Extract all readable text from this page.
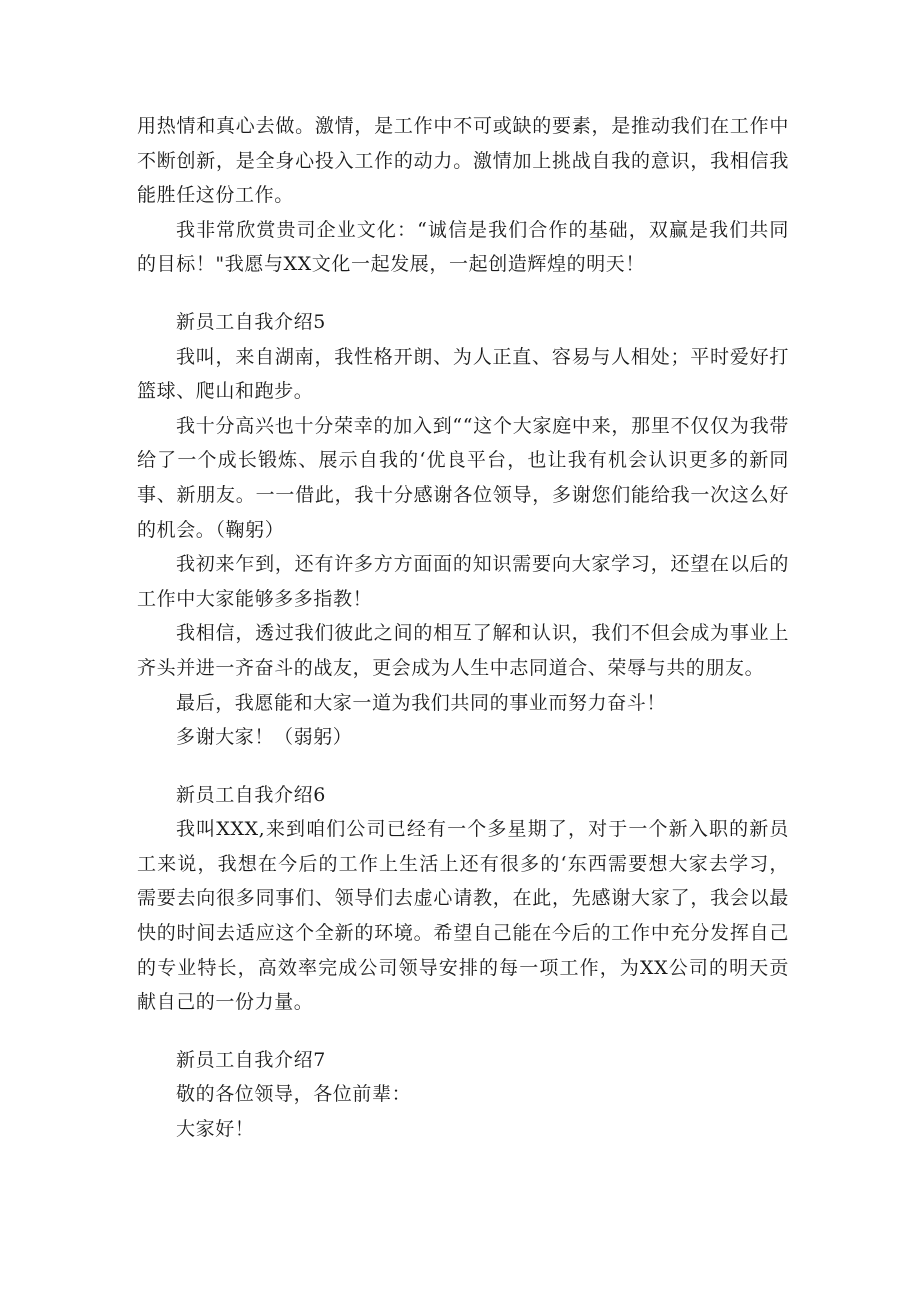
用热情和真心去做。激情，是工作中不可或缺的要素，是推动我们在工作中不断创新，是全身心投入工作的动力。激情加上挑战自我的意识，我相信我能胜任这份工作。

我非常欣赏贵司企业文化：“诚信是我们合作的基础，双赢是我们共同的目标！"我愿与XX文化一起发展，一起创造辉煌的明天！

新员工自我介绍5

我叫，来自湖南，我性格开朗、为人正直、容易与人相处；平时爱好打篮球、爬山和跑步。

我十分高兴也十分荣幸的加入到““这个大家庭中来，那里不仅仅为我带给了一个成长锻炼、展示自我的‘优良平台，也让我有机会认识更多的新同事、新朋友。一一借此，我十分感谢各位领导，多谢您们能给我一次这么好的机会。（鞠躬）

我初来乍到，还有许多方方面面的知识需要向大家学习，还望在以后的工作中大家能够多多指教！

我相信，透过我们彼此之间的相互了解和认识，我们不但会成为事业上齐头并进一齐奋斗的战友，更会成为人生中志同道合、荣辱与共的朋友。

最后，我愿能和大家一道为我们共同的事业而努力奋斗！

多谢大家！（弱躬）

新员工自我介绍6

我叫XXX,来到咱们公司已经有一个多星期了，对于一个新入职的新员工来说，我想在今后的工作上生活上还有很多的‘东西需要想大家去学习，需要去向很多同事们、领导们去虚心请教，在此，先感谢大家了，我会以最快的时间去适应这个全新的环境。希望自己能在今后的工作中充分发挥自己的专业特长，高效率完成公司领导安排的每一项工作，为XX公司的明天贡献自己的一份力量。

新员工自我介绍7

敬的各位领导，各位前辈：

大家好！
